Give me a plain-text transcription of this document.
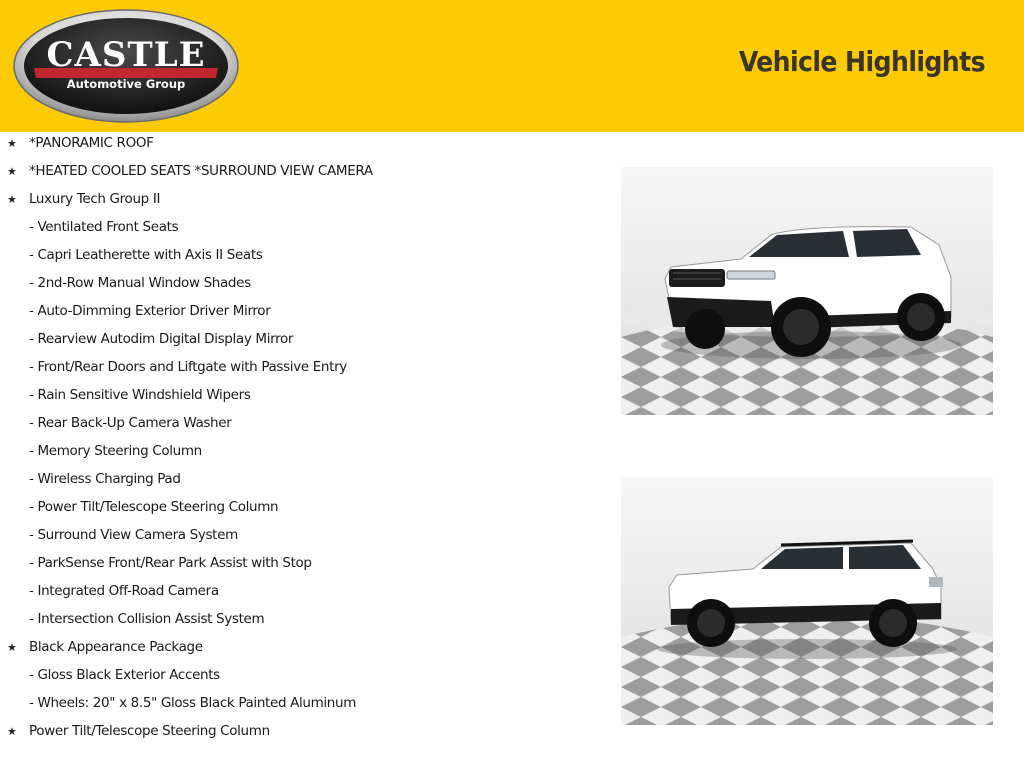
CASTLE
Automotive Group
Vehicle Highlights
★ *PANORAMIC ROOF
★ *HEATED COOLED SEATS *SURROUND VIEW CAMERA
★ Luxury Tech Group II
- Ventilated Front Seats
- Capri Leatherette with Axis II Seats
- 2nd-Row Manual Window Shades
- Auto-Dimming Exterior Driver Mirror
- Rearview Autodim Digital Display Mirror
- Front/Rear Doors and Liftgate with Passive Entry
- Rain Sensitive Windshield Wipers
- Rear Back-Up Camera Washer
- Memory Steering Column
- Wireless Charging Pad
- Power Tilt/Telescope Steering Column
- Surround View Camera System
- ParkSense Front/Rear Park Assist with Stop
- Integrated Off-Road Camera
- Intersection Collision Assist System
★ Black Appearance Package
- Gloss Black Exterior Accents
- Wheels: 20" x 8.5" Gloss Black Painted Aluminum
★ Power Tilt/Telescope Steering Column
